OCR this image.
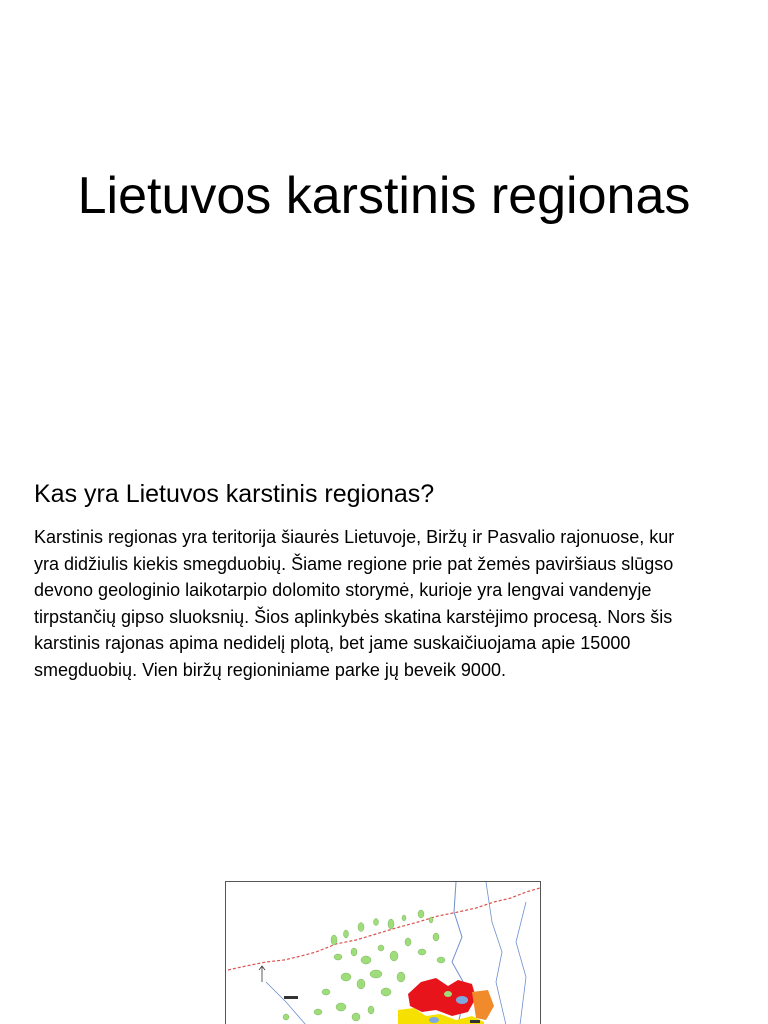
Lietuvos karstinis regionas
Kas yra Lietuvos karstinis regionas?
Karstinis regionas yra teritorija šiaurės Lietuvoje, Biržų ir Pasvalio rajonuose, kur
yra didžiulis kiekis smegduobių. Šiame regione prie pat žemės paviršiaus slūgso
devono geologinio laikotarpio dolomito storymė, kurioje yra lengvai vandenyje
tirpstančių gipso sluoksnių. Šios aplinkybės skatina karstėjimo procesą. Nors šis
karstinis rajonas apima nedidelį plotą, bet jame suskaičiuojama apie 15000
smegduobių. Vien biržų regioniniame parke jų beveik 9000.
